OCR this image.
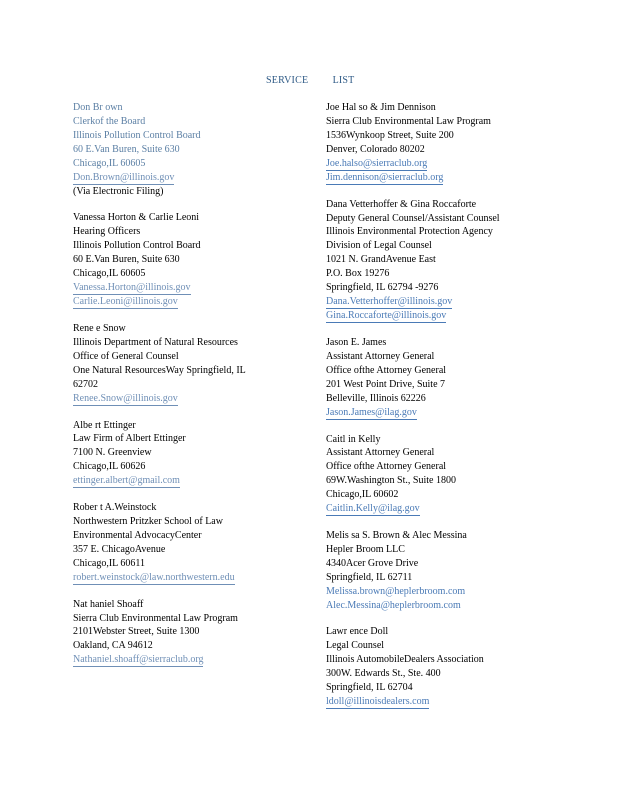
SERVICE         LIST
Don Br own
Clerkof the Board
Illinois Pollution Control Board
60 E.Van Buren, Suite 630
Chicago,IL 60605
Don.Brown@illinois.gov
(Via Electronic Filing)
Vanessa Horton & Carlie Leoni
Hearing Officers
Illinois Pollution Control Board
60 E.Van Buren, Suite 630
Chicago,IL 60605
Vanessa.Horton@illinois.gov
Carlie.Leoni@illinois.gov
Rene e Snow
Illinois Department of Natural Resources
Office of General Counsel
One Natural ResourcesWay Springfield, IL
62702
Renee.Snow@illinois.gov
Albe rt Ettinger
Law Firm of Albert Ettinger
7100 N. Greenview
Chicago,IL 60626
ettinger.albert@gmail.com
Rober t A.Weinstock
Northwestern Pritzker School of Law
Environmental AdvocacyCenter
357 E. ChicagoAvenue
Chicago,IL 60611
robert.weinstock@law.northwestern.edu
Nat haniel Shoaff
Sierra Club Environmental Law Program
2101Webster Street, Suite 1300
Oakland, CA 94612
Nathaniel.shoaff@sierraclub.org
Joe Hal so & Jim Dennison
Sierra Club Environmental Law Program
1536Wynkoop Street, Suite 200
Denver, Colorado 80202
Joe.halso@sierraclub.org
Jim.dennison@sierraclub.org
Dana Vetterhoffer & Gina Roccaforte
Deputy General Counsel/Assistant Counsel
Illinois Environmental Protection Agency
Division of Legal Counsel
1021 N. GrandAvenue East
P.O. Box 19276
Springfield, IL 62794 -9276
Dana.Vetterhoffer@illinois.gov
Gina.Roccaforte@illinois.gov
Jason E. James
Assistant Attorney General
Office ofthe Attorney General
201 West Point Drive, Suite 7
Belleville, Illinois 62226
Jason.James@ilag.gov
Caitl in Kelly
Assistant Attorney General
Office ofthe Attorney General
69W.Washington St., Suite 1800
Chicago,IL 60602
Caitlin.Kelly@ilag.gov
Melis sa S. Brown & Alec Messina
Hepler Broom LLC
4340Acer Grove Drive
Springfield, IL 62711
Melissa.brown@heplerbroom.com
Alec.Messina@heplerbroom.com
Lawr ence Doll
Legal Counsel
Illinois AutomobileDealers Association
300W. Edwards St., Ste. 400
Springfield, IL 62704
ldoll@illinoisdealers.com
